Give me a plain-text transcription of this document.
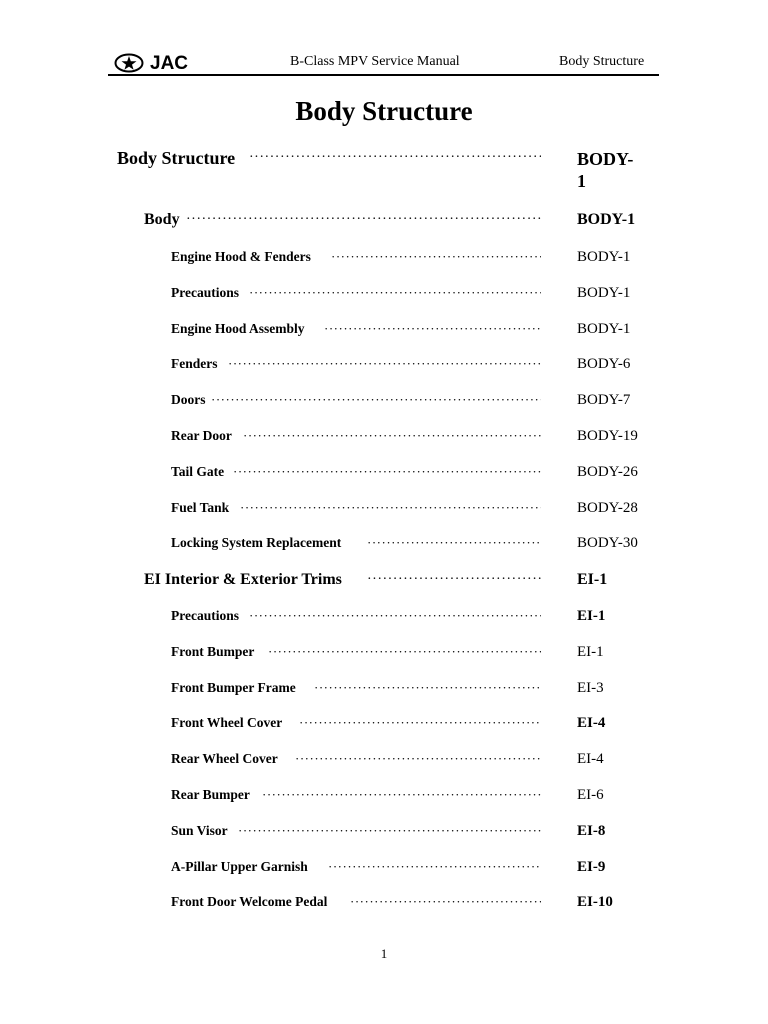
JAC	B-Class MPV Service Manual	Body Structure
Body Structure
Body Structure ·····	BODY-
1
Body ·····	BODY-1
Engine Hood & Fenders ·····	BODY-1
Precautions ·····	BODY-1
Engine Hood Assembly ·····	BODY-1
Fenders ·····	BODY-6
Doors ·····	BODY-7
Rear Door ·····	BODY-19
Tail Gate ·····	BODY-26
Fuel Tank ·····	BODY-28
Locking System Replacement ·····	BODY-30
EI Interior & Exterior Trims ·····	EI-1
Precautions ·····	EI-1
Front Bumper ·····	EI-1
Front Bumper Frame ·····	EI-3
Front Wheel Cover ·····	EI-4
Rear Wheel Cover ·····	EI-4
Rear Bumper ·····	EI-6
Sun Visor ·····	EI-8
A-Pillar Upper Garnish ·····	EI-9
Front Door Welcome Pedal ·····	EI-10
1
